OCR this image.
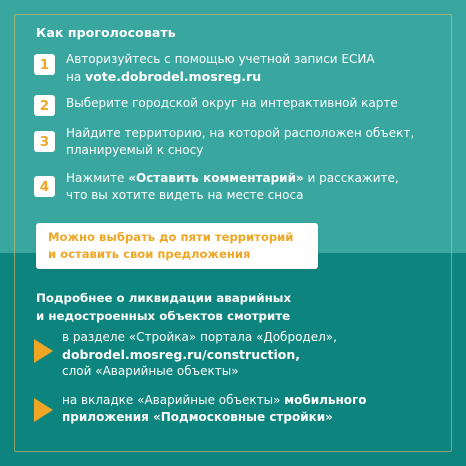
Как проголосовать
1	Авторизуйтесь с помощью учетной записи ЕСИА
на vote.dobrodel.mosreg.ru
2	Выберите городской округ на интерактивной карте
3
Найдите территорию, на которой расположен объект,
планируемый к сносу
4
Нажмите «Оставить комментарий» и расскажите,
что вы хотите видеть на месте сноса
Можно выбрать до пяти территорий
и оставить свои предложения
Подробнее о ликвидации аварийных
и недостроенных объектов смотрите
в разделе «Стройка» портала «Добродел»,
dobrodel.mosreg.ru/construction,
слой «Аварийные объекты»
на вкладке «Аварийные объекты» мобильного
приложения «Подмосковные стройки»
